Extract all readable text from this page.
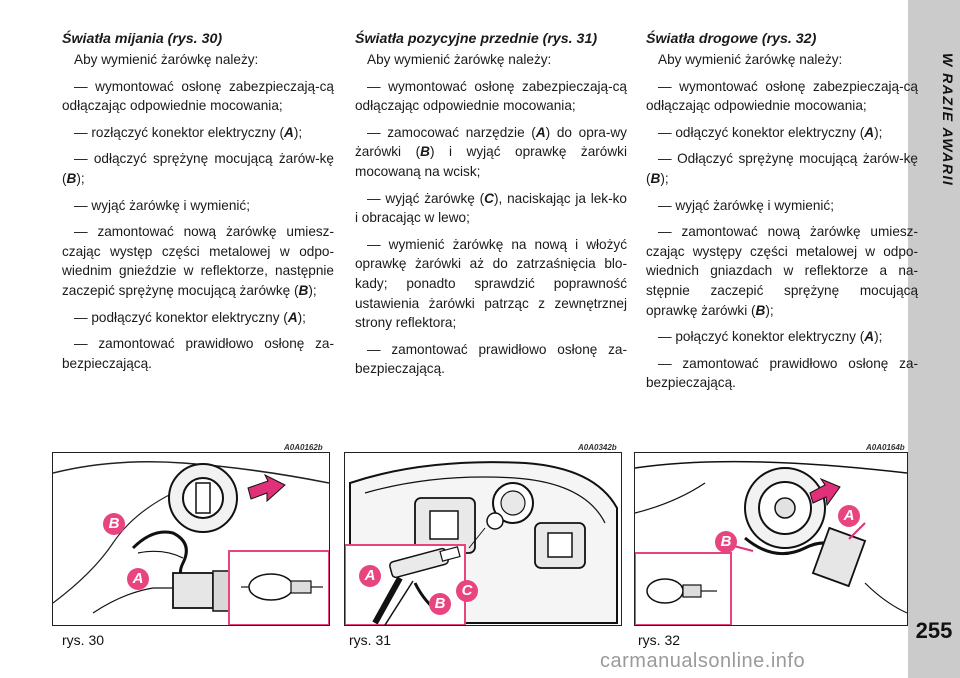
W RAZIE AWARII
255
Światła mijania (rys. 30)

Aby wymienić żarówkę należy:

— wymontować osłonę zabezpieczają-cą odłączając odpowiednie mocowania;

— rozłączyć konektor elektryczny (A);

— odłączyć sprężynę mocującą żarów-kę (B);

— wyjąć żarówkę i wymienić;

— zamontować nową żarówkę umiesz-czając występ części metalowej w odpo-wiednim gnieździe w reflektorze, następnie zaczepić sprężynę mocującą żarówkę (B);

— podłączyć konektor elektryczny (A);

— zamontować prawidłowo osłonę za-bezpieczającą.

Światła pozycyjne przednie (rys. 31)

Aby wymienić żarówkę należy:

— wymontować osłonę zabezpieczają-cą odłączając odpowiednie mocowania;

— zamocować narzędzie (A) do opra-wy żarówki (B) i wyjąć oprawkę żarówki mocowaną na wcisk;

— wyjąć żarówkę (C), naciskając ja lek-ko i obracając w lewo;

— wymienić żarówkę na nową i włożyć oprawkę żarówki aż do zatrzaśnięcia blo-kady; ponadto sprawdzić poprawność ustawienia żarówki patrząc z zewnętrznej strony reflektora;

— zamontować prawidłowo osłonę za-bezpieczającą.

Światła drogowe (rys. 32)

Aby wymienić żarówkę należy:

— wymontować osłonę zabezpieczają-cą odłączając odpowiednie mocowania;

— odłączyć konektor elektryczny (A);

— Odłączyć sprężynę mocującą żarów-kę (B);

— wyjąć żarówkę i wymienić;

— zamontować nową żarówkę umiesz-czając występy części metalowej w odpo-wiednich gniazdach w reflektorze a na-stępnie zaczepić sprężynę mocującą oprawkę żarówki (B);

— połączyć konektor elektryczny (A);

— zamontować prawidłowo osłonę za-bezpieczającą.

A0A0162b
B
A
rys. 30
A0A0342b
A
B
C
rys. 31
A0A0164b
A
B
rys. 32
carmanualsonline.info
